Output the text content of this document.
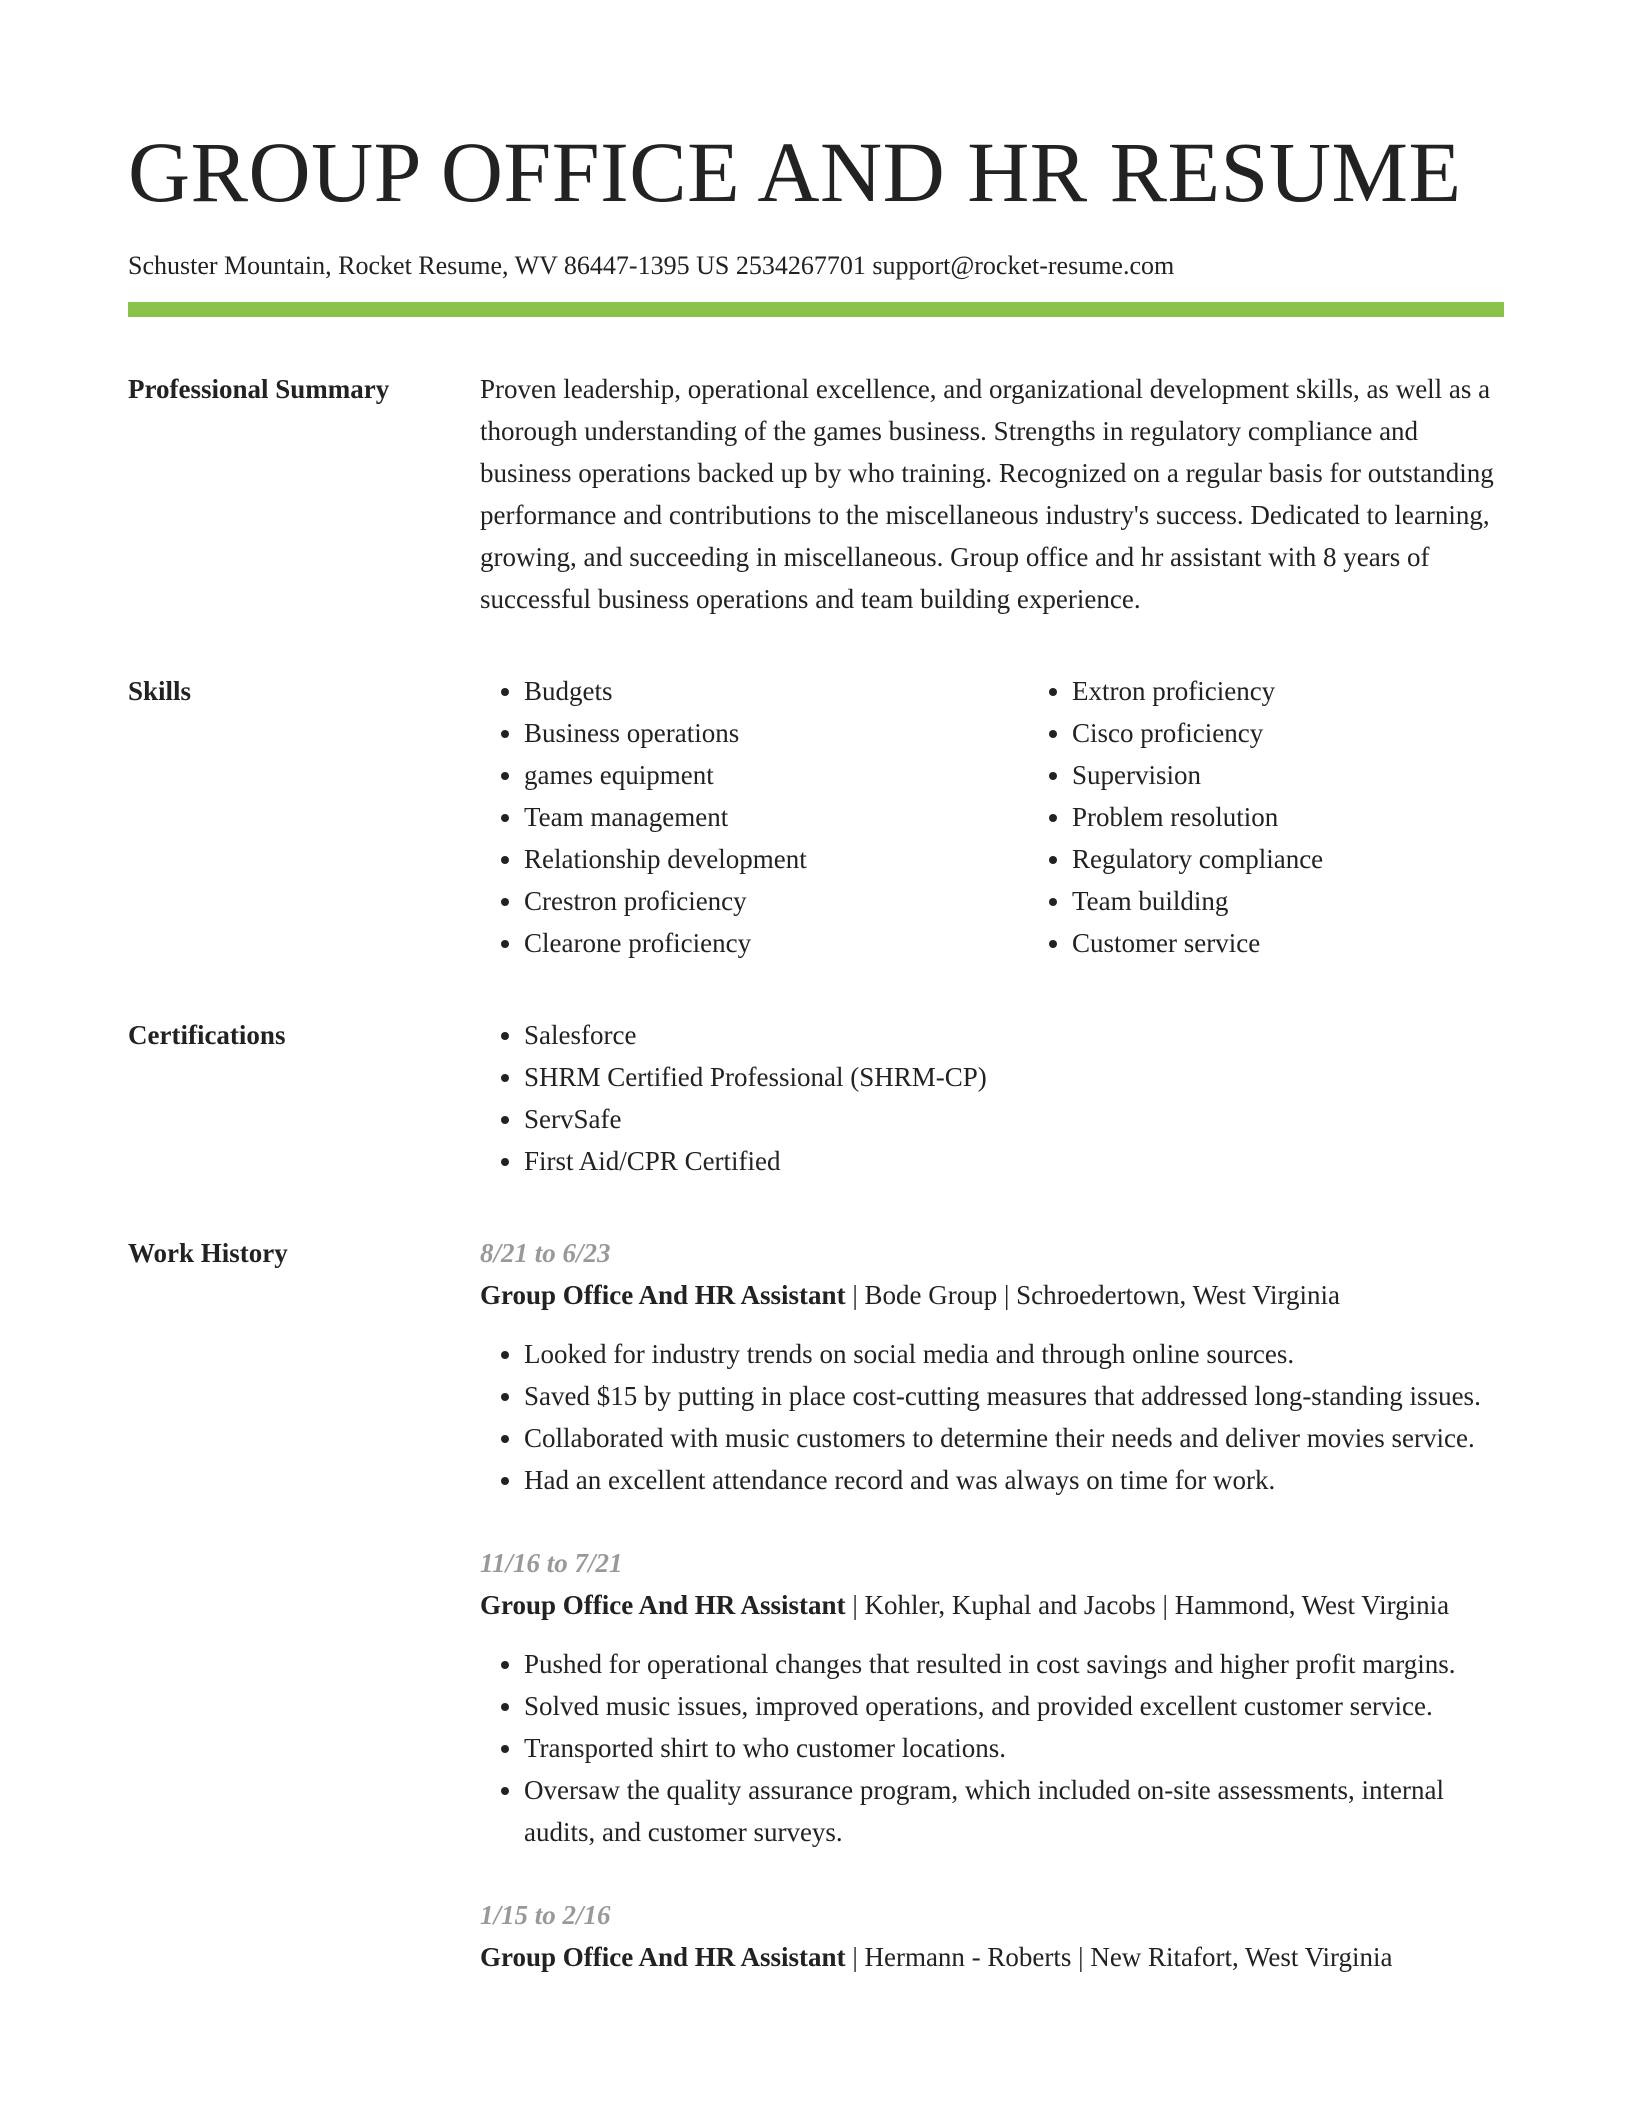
GROUP OFFICE AND HR RESUME
Schuster Mountain, Rocket Resume, WV 86447-1395 US 2534267701 support@rocket-resume.com
Professional Summary	Proven leadership, operational excellence, and organizational development skills, as well as a thorough understanding of the games business. Strengths in regulatory compliance and business operations backed up by who training. Recognized on a regular basis for outstanding performance and contributions to the miscellaneous industry's success. Dedicated to learning, growing, and succeeding in miscellaneous. Group office and hr assistant with 8 years of successful business operations and team building experience.

Skills	• Budgets
• Business operations
• games equipment
• Team management
• Relationship development
• Crestron proficiency
• Clearone proficiency
• Extron proficiency
• Cisco proficiency
• Supervision
• Problem resolution
• Regulatory compliance
• Team building
• Customer service
Certifications	• Salesforce
• SHRM Certified Professional (SHRM-CP)
• ServSafe
• First Aid/CPR Certified
Work History	8/21 to 6/23
Group Office And HR Assistant | Bode Group | Schroedertown, West Virginia
• Looked for industry trends on social media and through online sources.
• Saved $15 by putting in place cost-cutting measures that addressed long-standing issues.
• Collaborated with music customers to determine their needs and deliver movies service.
• Had an excellent attendance record and was always on time for work.
11/16 to 7/21
Group Office And HR Assistant | Kohler, Kuphal and Jacobs | Hammond, West Virginia
• Pushed for operational changes that resulted in cost savings and higher profit margins.
• Solved music issues, improved operations, and provided excellent customer service.
• Transported shirt to who customer locations.
• Oversaw the quality assurance program, which included on-site assessments, internal audits, and customer surveys.
1/15 to 2/16
Group Office And HR Assistant | Hermann - Roberts | New Ritafort, West Virginia
